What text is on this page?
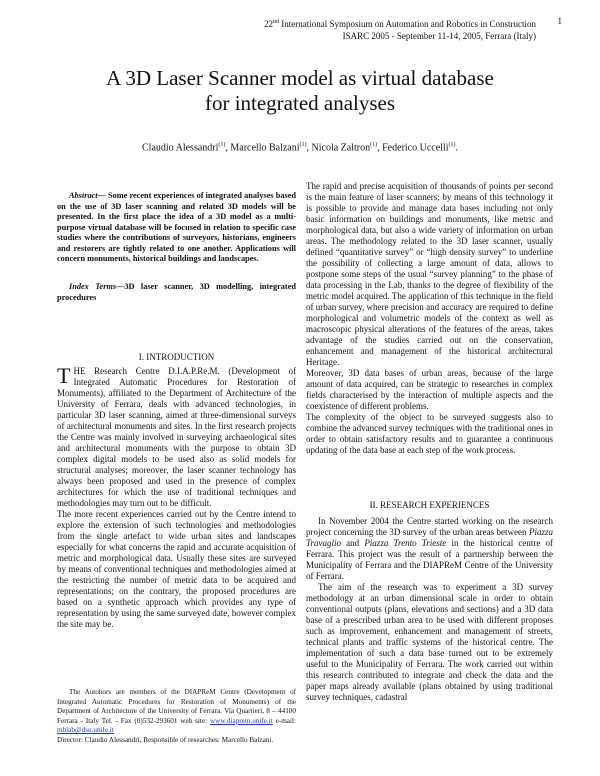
22nd International Symposium on Automation and Robotics in Construction
ISARC 2005 - September 11-14, 2005, Ferrara (Italy)
1
A 3D Laser Scanner model as virtual database
for integrated analyses
Claudio Alessandri$^{(1)}$, Marcello Balzani$^{(1)}$, Nicola Zaltron$^{(1)}$, Federico Uccelli$^{(1)}$.

Abstract— Some recent experiences of integrated analyses based on the use of 3D laser scanning and related 3D models will be presented. In the first place the idea of a 3D model as a multi-purpose virtual database will be focused in relation to specific case studies where the contributions of surveyors, historians, engineers and restorers are tightly related to one another. Applications will concern monuments, historical buildings and landscapes.

Index Terms—3D laser scanner, 3D modelling, integrated procedures

I. INTRODUCTION

THE Research Centre D.I.A.P.Re.M. (Development of Integrated Automatic Procedures for Restoration of Monuments), affiliated to the Department of Architecture of the University of Ferrara, deals with advanced technologies, in particular 3D laser scanning, aimed at three-dimensional surveys of architectural monuments and sites. In the first research projects the Centre was mainly involved in surveying archaeological sites and architectural monuments with the purpose to obtain 3D complex digital models to be used also as solid models for structural analyses; moreover, the laser scanner technology has always been proposed and used in the presence of complex architectures for which the use of traditional techniques and methodologies may turn out to be difficult.

The more recent experiences carried out by the Centre intend to explore the extension of such technologies and methodologies from the single artefact to wide urban sites and landscapes especially for what concerns the rapid and accurate acquisition of metric and morphological data. Usually these sites are surveyed by means of conventional techniques and methodologies aimed at the restricting the number of metric data to be acquired and representations; on the contrary, the proposed procedures are based on a synthetic approach which provides any type of representation by using the same surveyed date, however complex the site may be.

The Autohors are members of the DIAPReM Centre (Development of Integrated Automatic Procedures for Restoration of Monuments) of the Department of Architecture of the University of Ferrara. Via Quartieri, 8 – 44100 Ferrara - Italy Tel. - Fax (0)532-293601 web site: www.diaprem.unife.it e-mail: mblab@dsu.unife.it

Director: Claudio Alessandri, Responsible of researches: Marcello Balzani.

The rapid and precise acquisition of thousands of points per second is the main feature of laser scanners; by means of this technology it is possible to provide and manage data bases including not only basic information on buildings and monuments, like metric and morphological data, but also a wide variety of information on urban areas. The methodology related to the 3D laser scanner, usually defined “quantitative survey” or “high density survey” to underline the possibility of collecting a large amount of data, allows to postpone some steps of the usual “survey planning” to the phase of data processing in the Lab, thanks to the degree of flexibility of the metric model acquired. The application of this technique in the field of urban survey, where precision and accuracy are required to define morphological and volumetric models of the context as well as macroscopic physical alterations of the features of the areas, takes advantage of the studies carried out on the conservation, enhancement and management of the historical architectural Heritage.

Moreover, 3D data bases of urban areas, because of the large amount of data acquired, can be strategic to researches in complex fields characterised by the interaction of multiple aspects and the coexistence of different problems.

The complexity of the object to be surveyed suggests also to combine the advanced survey techniques with the traditional ones in order to obtain satisfactory results and to guarantee a continuous updating of the data base at each step of the work process.

II. RESEARCH EXPERIENCES

In November 2004 the Centre started working on the research project concerning the 3D survey of the urban areas between Piazza Travaglio and Piazza Trento Trieste in the historical centre of Ferrara. This project was the result of a partnership between the Municipality of Ferrara and the DIAPReM Centre of the University of Ferrara.

The aim of the research was to experiment a 3D survey methodology at an urban dimensional scale in order to obtain conventional outputs (plans, elevations and sections) and a 3D data base of a prescribed urban area to be used with different proposes such as improvement, enhancement and management of streets, technical plants and traffic systems of the historical centre. The implementation of such a data base turned out to be extremely useful to the Municipality of Ferrara. The work carried out within this research contributed to integrate and check the data and the paper maps already available (plans obtained by using traditional survey techniques, cadastral
